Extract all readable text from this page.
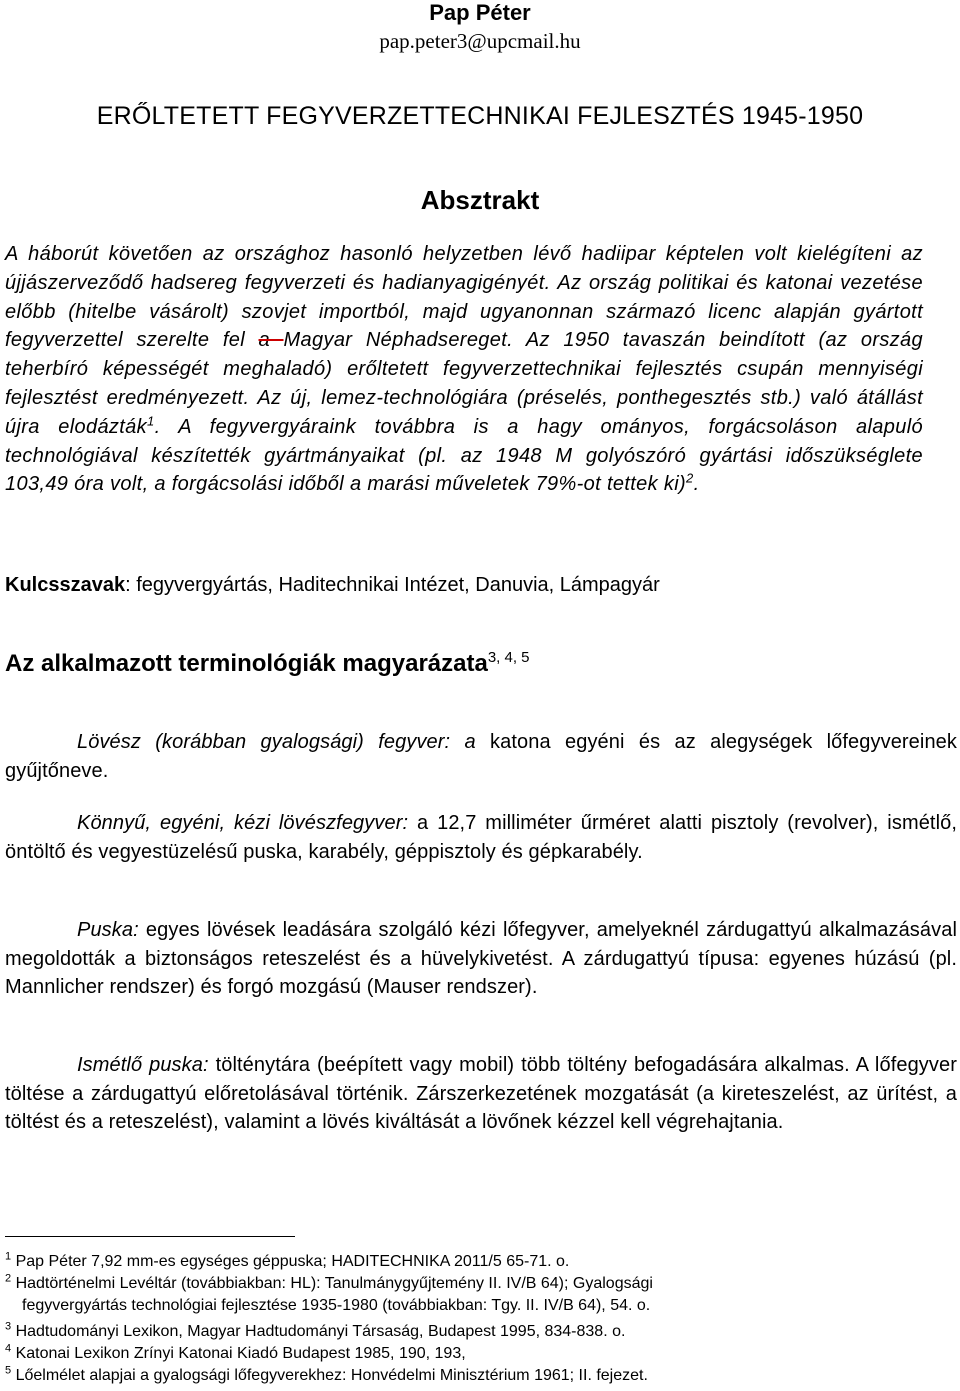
Pap Péter
pap.peter3@upcmail.hu
ERŐLTETETT FEGYVERZETTECHNIKAI FEJLESZTÉS 1945-1950
Absztrakt
A háborút követően az országhoz hasonló helyzetben lévő hadiipar képtelen volt kielégíteni az újjászerveződő hadsereg fegyverzeti és hadianyagigényét. Az ország politikai és katonai vezetése előbb (hitelbe vásárolt) szovjet importból, majd ugyanonnan származó licenc alapján gyártott fegyverzettel szerelte fel a Magyar Néphadsereget. Az 1950 tavaszán beindított (az ország teherbíró képességét meghaladó) erőltetett fegyverzettechnikai fejlesztés csupán mennyiségi fejlesztést eredményezett. Az új, lemez-technológiára (préselés, ponthegesztés stb.) való átállást újra elodázták$^1$. A fegyvergyáraink továbbra is a hagy ományos, forgácsoláson alapuló technológiával készítették gyártmányaikat (pl. az 1948 M golyószóró gyártási időszükséglete 103,49 óra volt, a forgácsolási időből a marási műveletek 79%-ot tettek ki)$^2$.
Kulcsszavak: fegyvergyártás, Haditechnikai Intézet, Danuvia, Lámpagyár
Az alkalmazott terminológiák magyarázata$^{3, 4, 5}$
Lövész (korábban gyalogsági) fegyver: a katona egyéni és az alegységek lőfegyvereinek gyűjtőneve.
Könnyű, egyéni, kézi lövészfegyver: a 12,7 milliméter űrméret alatti pisztoly (revolver), ismétlő, öntöltő és vegyestüzelésű puska, karabély, géppisztoly és gépkarabély.
Puska: egyes lövések leadására szolgáló kézi lőfegyver, amelyeknél zárdugattyú alkalmazásával megoldották a biztonságos reteszelést és a hüvelykivetést. A zárdugattyú típusa: egyenes húzású (pl. Mannlicher rendszer) és forgó mozgású (Mauser rendszer).
Ismétlő puska: tölténytára (beépített vagy mobil) több töltény befogadására alkalmas. A lőfegyver töltése a zárdugattyú előretolásával történik. Zárszerkezetének mozgatását (a kireteszelést, az ürítést, a töltést és a reteszelést), valamint a lövés kiváltását a lövőnek kézzel kell végrehajtania.
$^1$ Pap Péter 7,92 mm-es egységes géppuska; HADITECHNIKA 2011/5 65-71. o.
$^2$ Hadtörténelmi Levéltár (továbbiakban: HL): Tanulmánygyűjtemény II. IV/B 64); Gyalogsági
fegyvergyártás technológiai fejlesztése 1935-1980 (továbbiakban: Tgy. II. IV/B 64), 54. o.
$^3$ Hadtudományi Lexikon, Magyar Hadtudományi Társaság, Budapest 1995, 834-838. o.
$^4$ Katonai Lexikon Zrínyi Katonai Kiadó Budapest 1985, 190, 193,
$^5$ Lőelmélet alapjai a gyalogsági lőfegyverekhez: Honvédelmi Minisztérium 1961; II. fejezet.
